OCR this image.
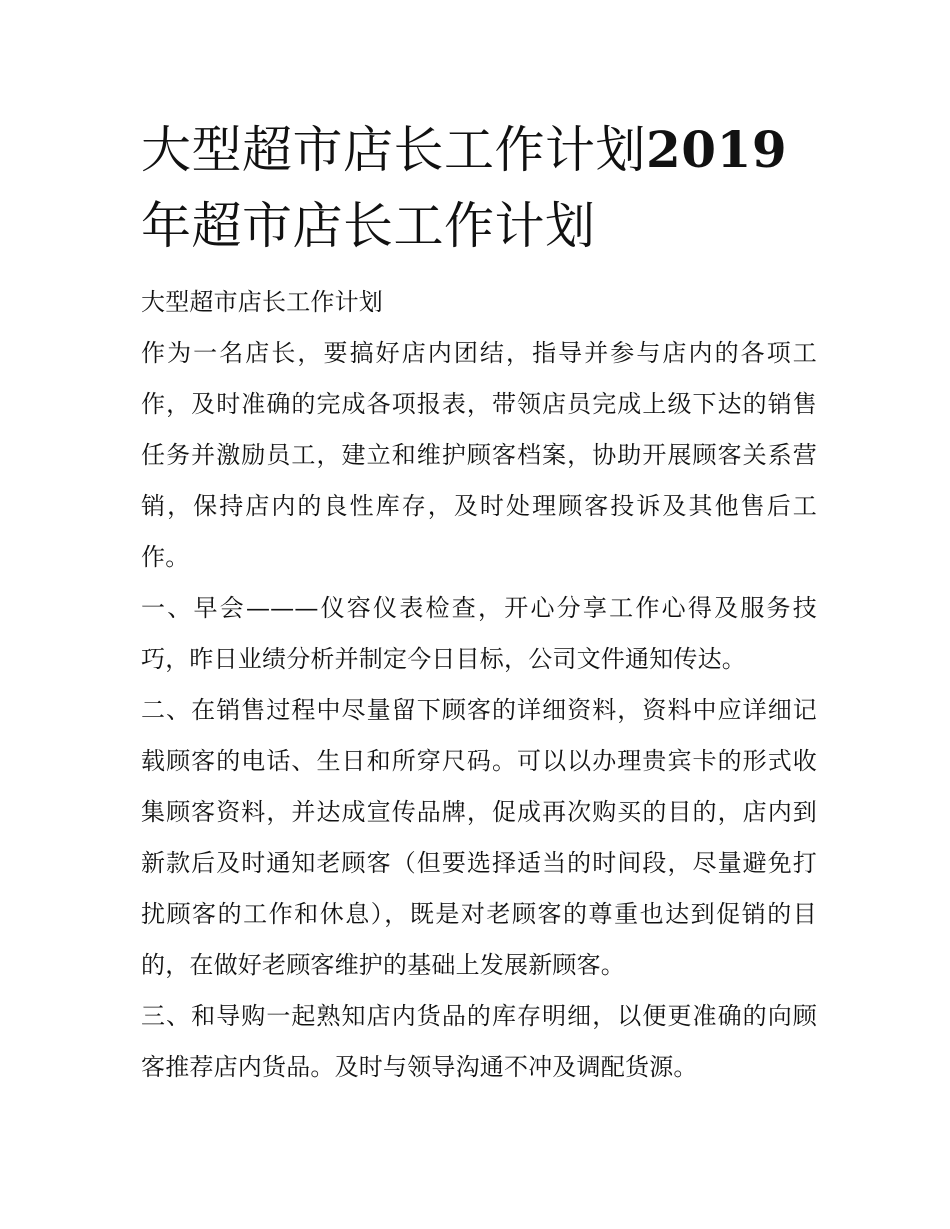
大型超市店长工作计划2019年超市店长工作计划

大型超市店长工作计划

作为一名店长，要搞好店内团结，指导并参与店内的各项工作，及时准确的完成各项报表，带领店员完成上级下达的销售任务并激励员工，建立和维护顾客档案，协助开展顾客关系营销，保持店内的良性库存，及时处理顾客投诉及其他售后工作。

一、早会———仪容仪表检查，开心分享工作心得及服务技巧，昨日业绩分析并制定今日目标，公司文件通知传达。

二、在销售过程中尽量留下顾客的详细资料，资料中应详细记载顾客的电话、生日和所穿尺码。可以以办理贵宾卡的形式收集顾客资料，并达成宣传品牌，促成再次购买的目的，店内到新款后及时通知老顾客（但要选择适当的时间段，尽量避免打扰顾客的工作和休息），既是对老顾客的尊重也达到促销的目的，在做好老顾客维护的基础上发展新顾客。

三、和导购一起熟知店内货品的库存明细，以便更准确的向顾客推荐店内货品。及时与领导沟通不冲及调配货源。
